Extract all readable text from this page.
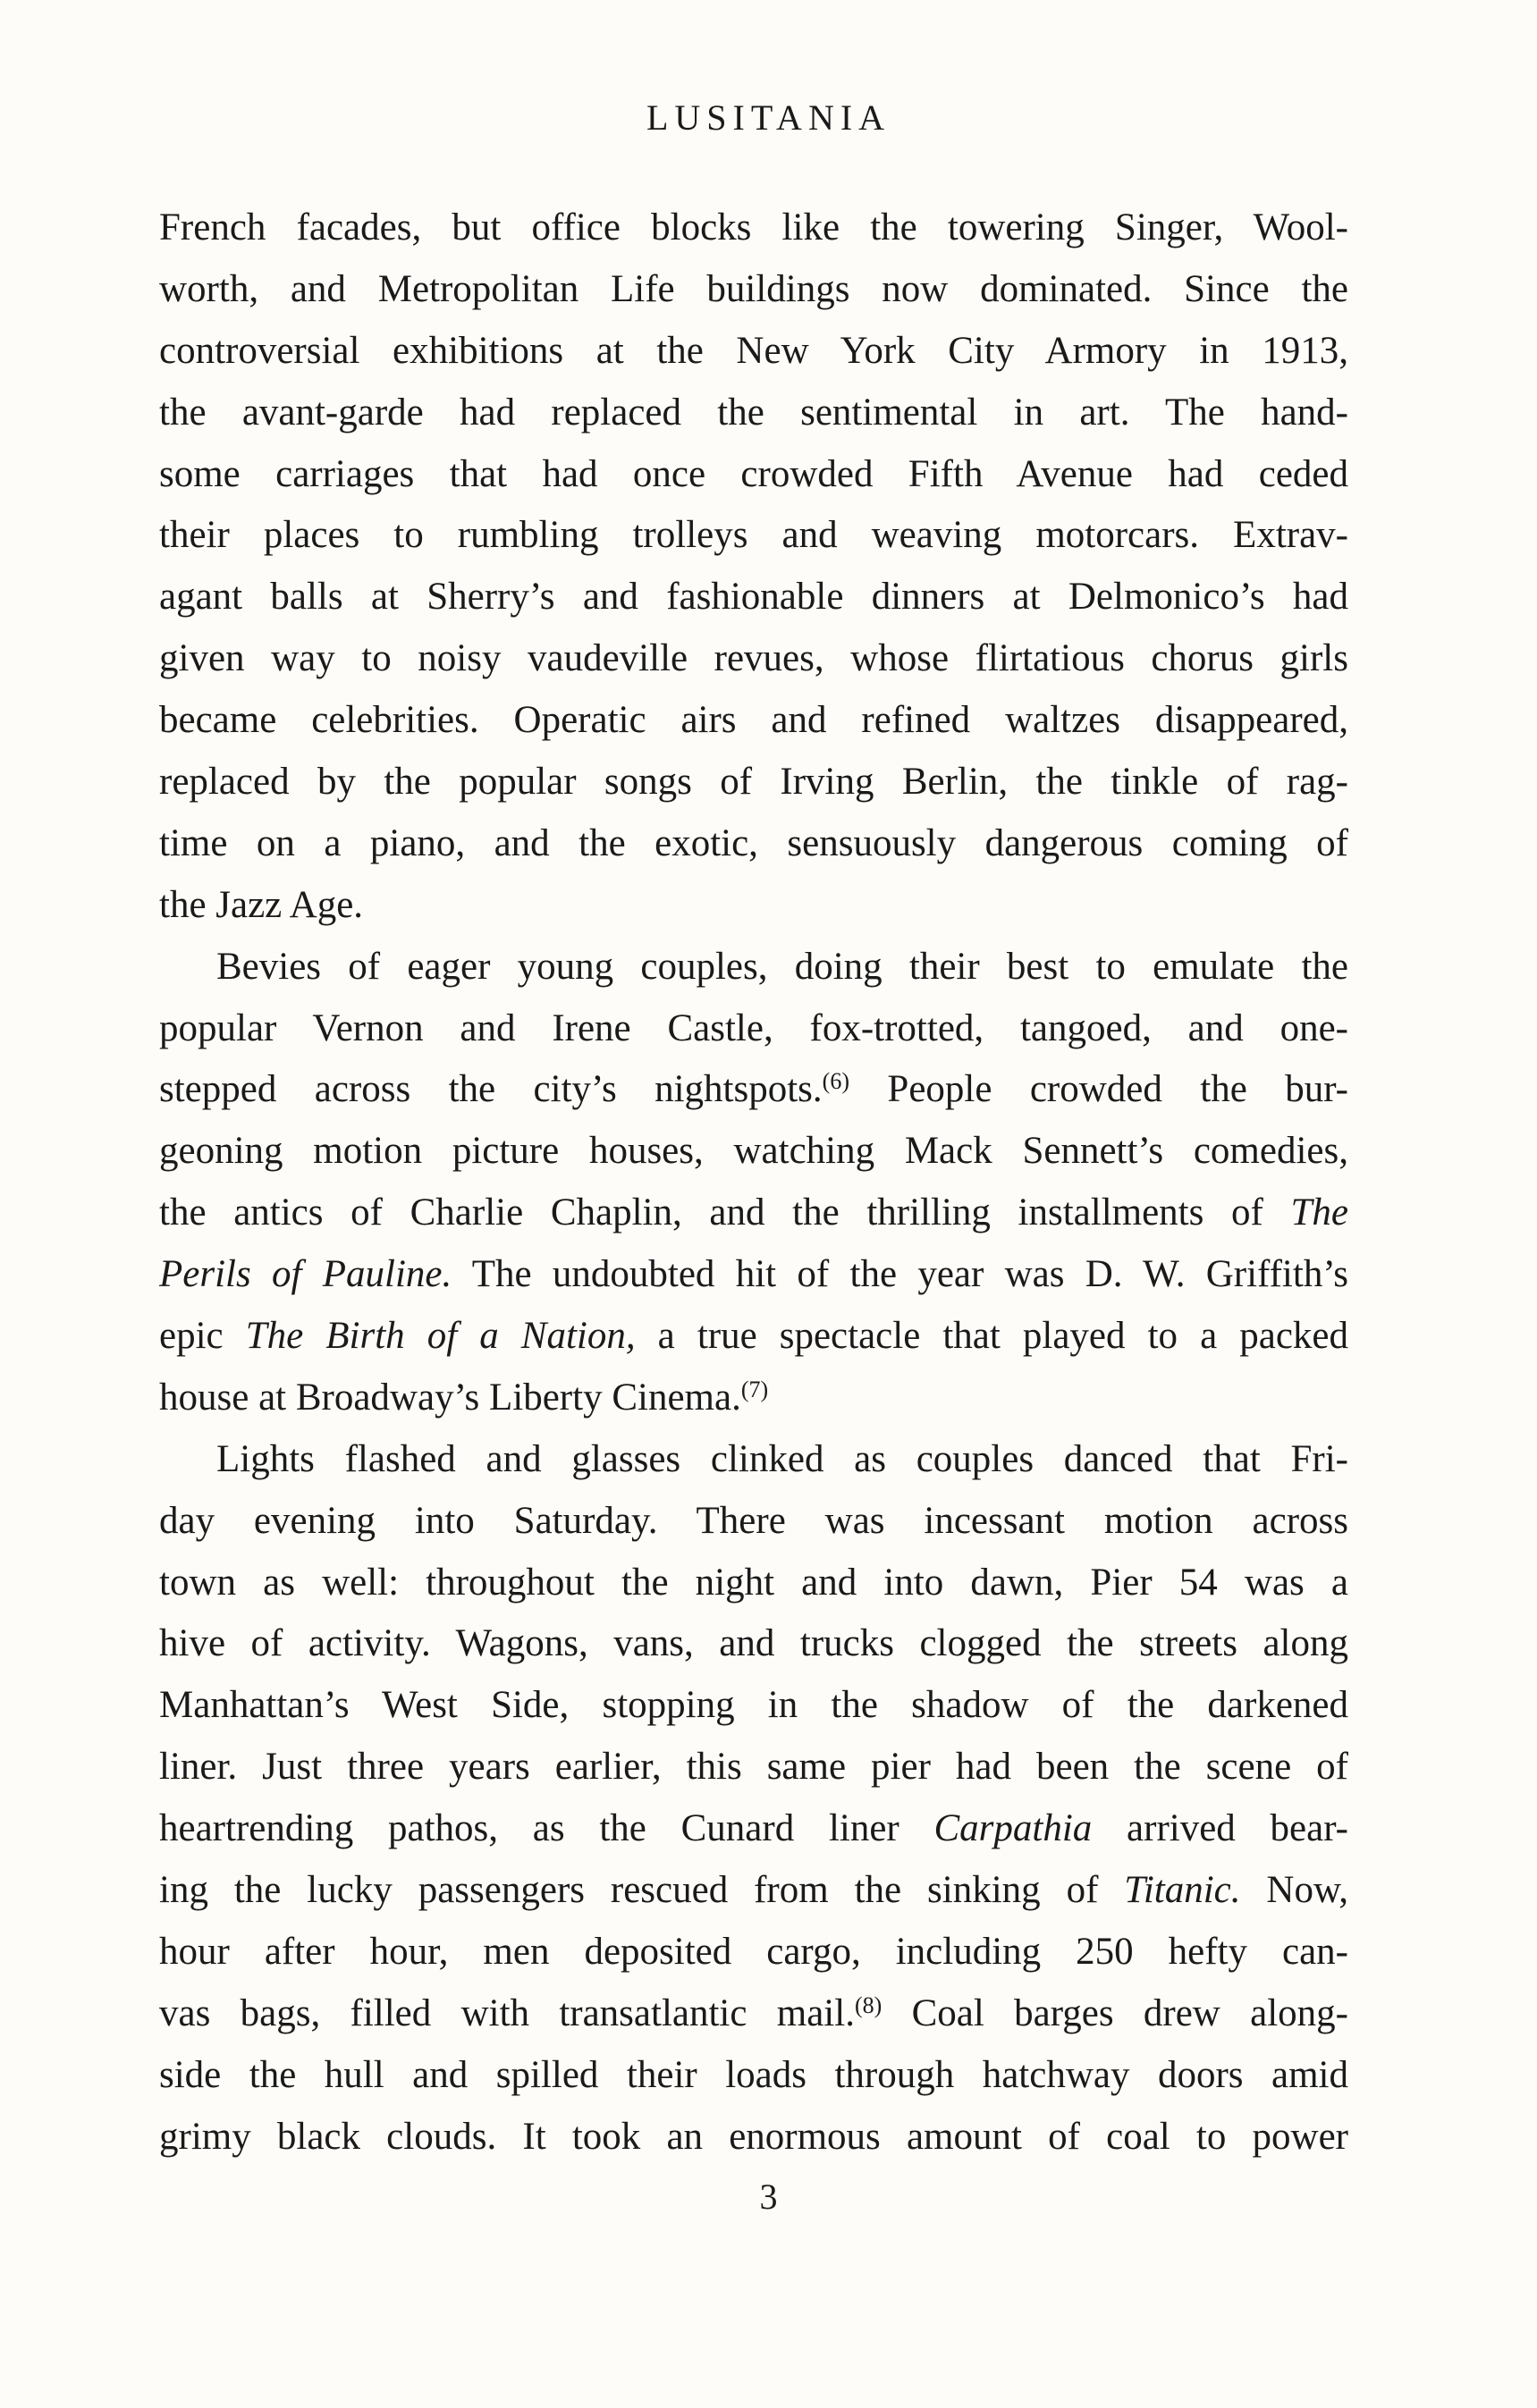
LUSITANIA
French facades, but office blocks like the towering Singer, Wool-
worth, and Metropolitan Life buildings now dominated. Since the
controversial exhibitions at the New York City Armory in 1913,
the avant-garde had replaced the sentimental in art. The hand-
some carriages that had once crowded Fifth Avenue had ceded
their places to rumbling trolleys and weaving motorcars. Extrav-
agant balls at Sherry’s and fashionable dinners at Delmonico’s had
given way to noisy vaudeville revues, whose flirtatious chorus girls
became celebrities. Operatic airs and refined waltzes disappeared,
replaced by the popular songs of Irving Berlin, the tinkle of rag-
time on a piano, and the exotic, sensuously dangerous coming of
the Jazz Age.
Bevies of eager young couples, doing their best to emulate the
popular Vernon and Irene Castle, fox-trotted, tangoed, and one-
stepped across the city’s nightspots.$^{(6)}$ People crowded the bur-
geoning motion picture houses, watching Mack Sennett’s comedies,
the antics of Charlie Chaplin, and the thrilling installments of The
Perils of Pauline. The undoubted hit of the year was D. W. Griffith’s
epic The Birth of a Nation, a true spectacle that played to a packed
house at Broadway’s Liberty Cinema.$^{(7)}$
Lights flashed and glasses clinked as couples danced that Fri-
day evening into Saturday. There was incessant motion across
town as well: throughout the night and into dawn, Pier 54 was a
hive of activity. Wagons, vans, and trucks clogged the streets along
Manhattan’s West Side, stopping in the shadow of the darkened
liner. Just three years earlier, this same pier had been the scene of
heartrending pathos, as the Cunard liner Carpathia arrived bear-
ing the lucky passengers rescued from the sinking of Titanic. Now,
hour after hour, men deposited cargo, including 250 hefty can-
vas bags, filled with transatlantic mail.$^{(8)}$ Coal barges drew along-
side the hull and spilled their loads through hatchway doors amid
grimy black clouds. It took an enormous amount of coal to power
3
